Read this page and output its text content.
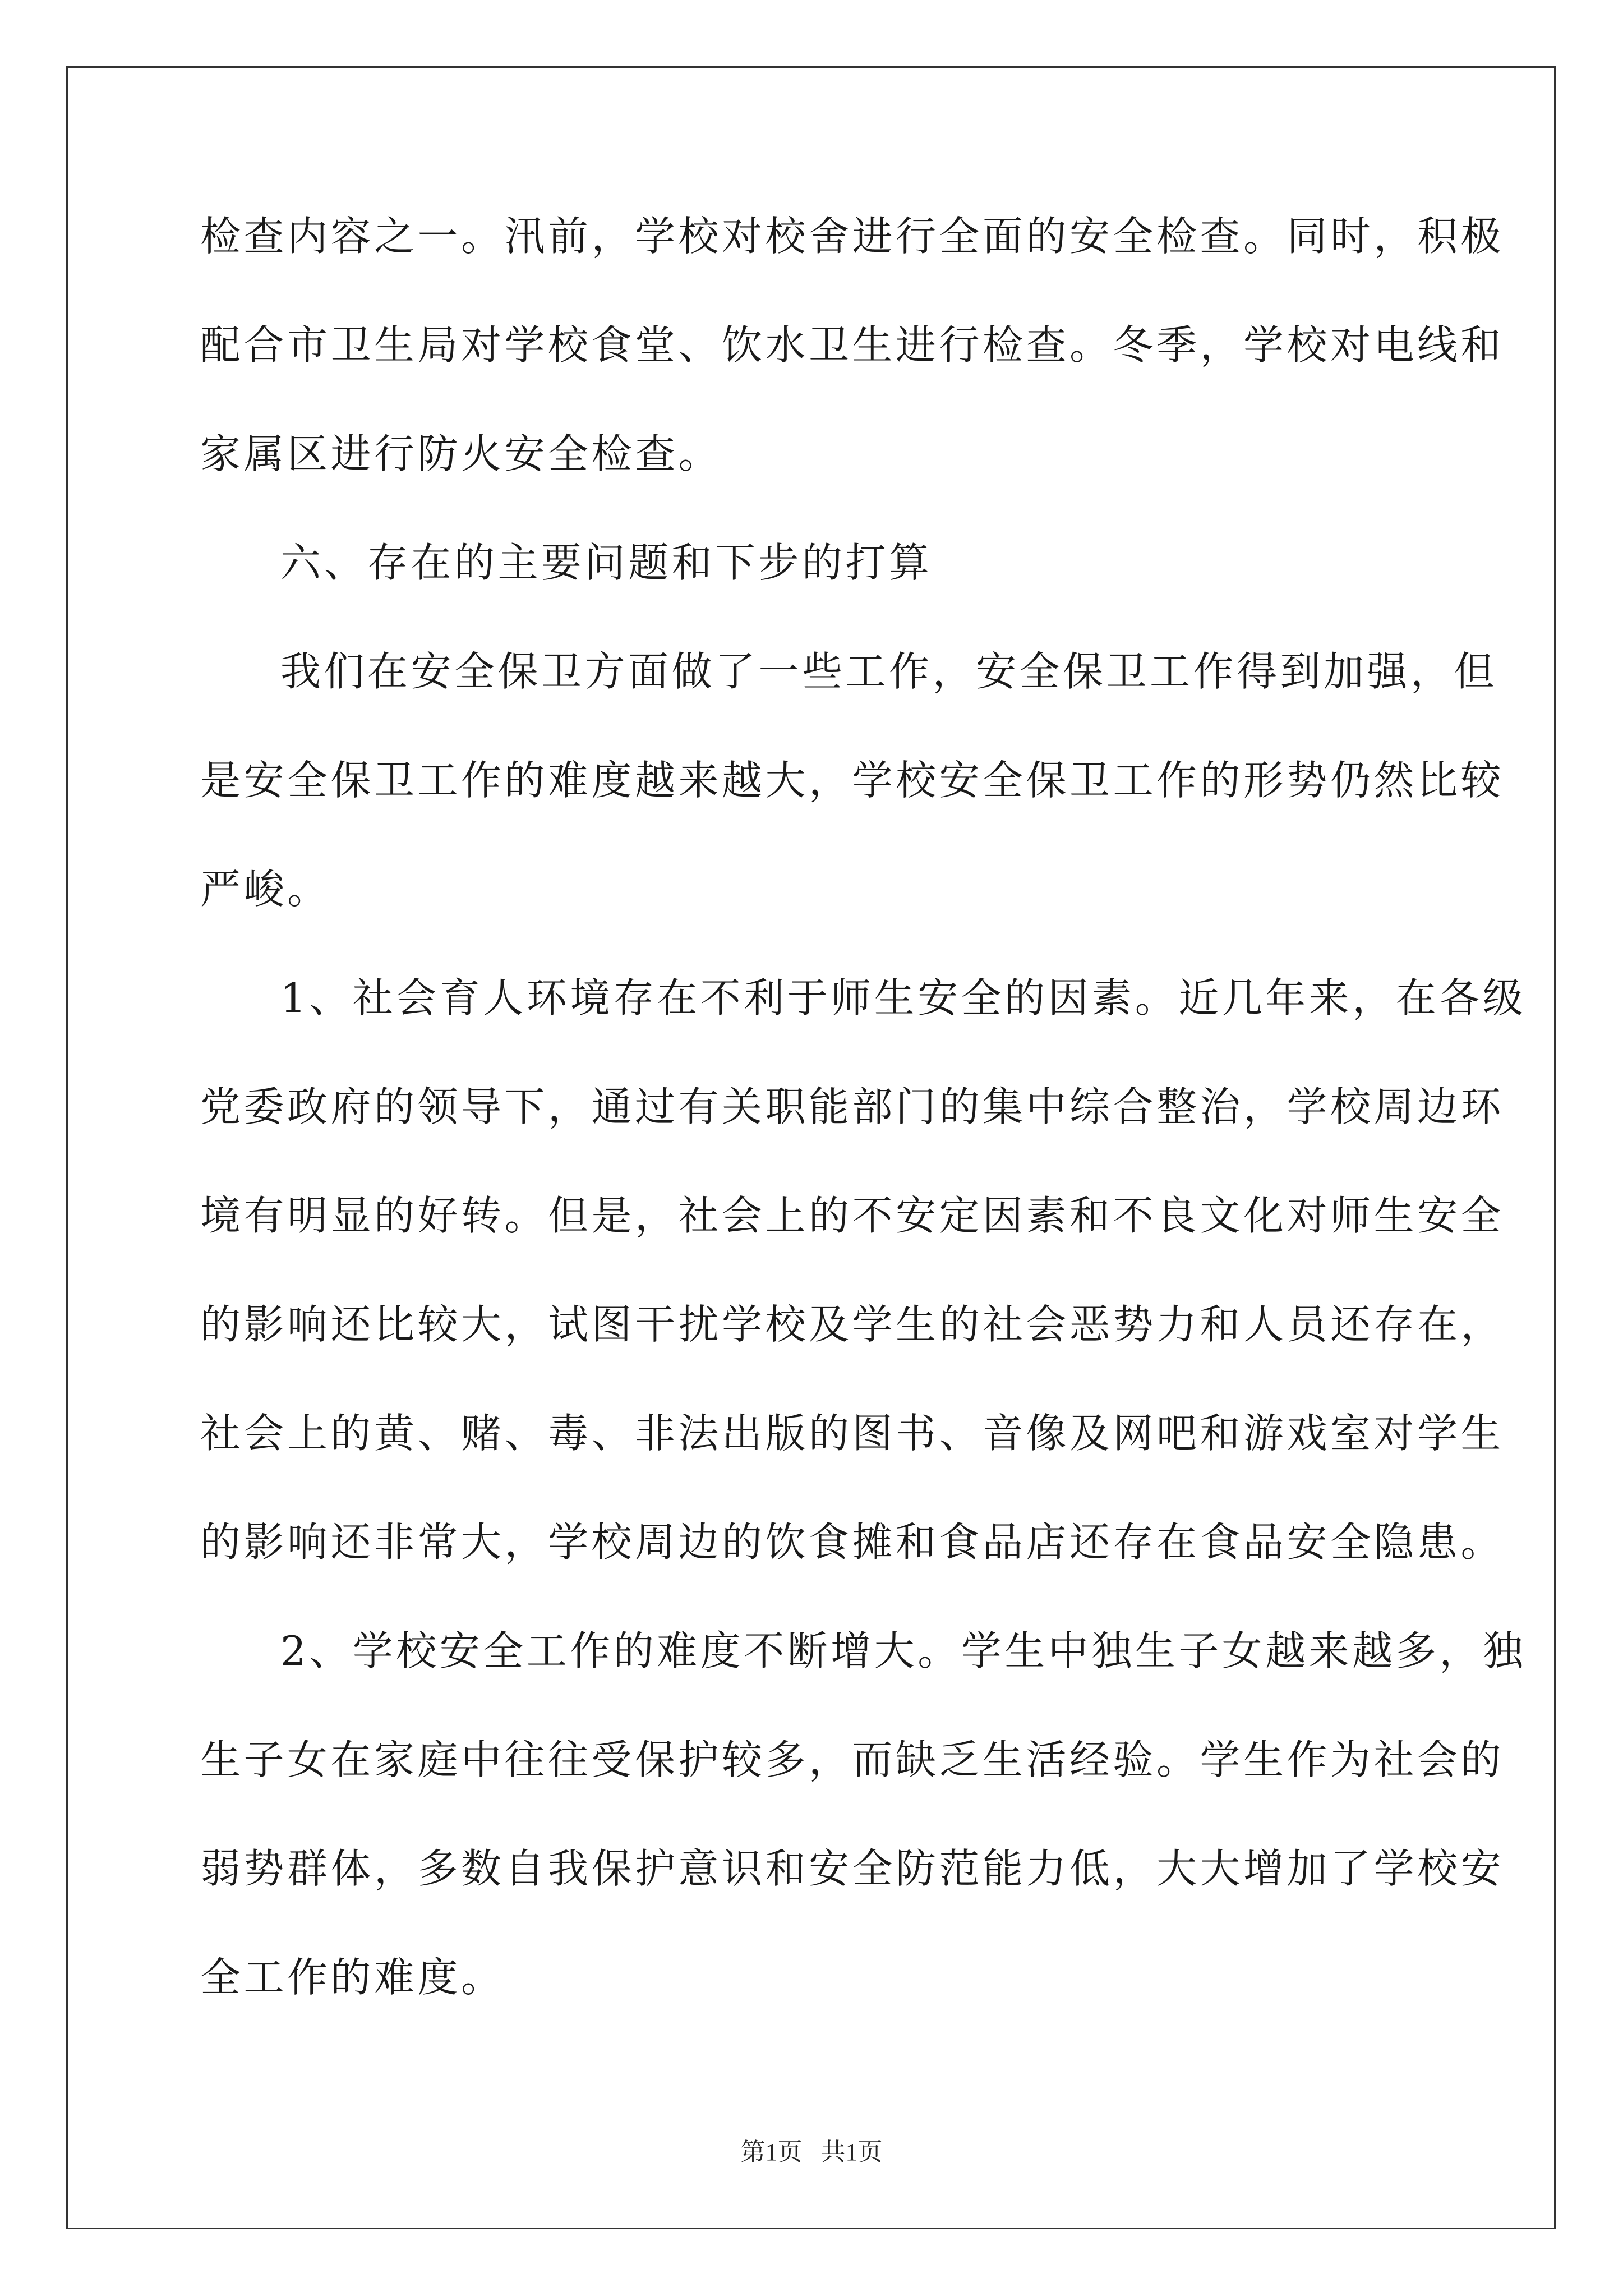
检查内容之一。汛前，学校对校舍进行全面的安全检查。同时，积极
配合市卫生局对学校食堂、饮水卫生进行检查。冬季，学校对电线和
家属区进行防火安全检查。
六、存在的主要问题和下步的打算
我们在安全保卫方面做了一些工作，安全保卫工作得到加强，但
是安全保卫工作的难度越来越大，学校安全保卫工作的形势仍然比较
严峻。
1、社会育人环境存在不利于师生安全的因素。近几年来，在各级
党委政府的领导下，通过有关职能部门的集中综合整治，学校周边环
境有明显的好转。但是，社会上的不安定因素和不良文化对师生安全
的影响还比较大，试图干扰学校及学生的社会恶势力和人员还存在，
社会上的黄、赌、毒、非法出版的图书、音像及网吧和游戏室对学生
的影响还非常大，学校周边的饮食摊和食品店还存在食品安全隐患。
2、学校安全工作的难度不断增大。学生中独生子女越来越多，独
生子女在家庭中往往受保护较多，而缺乏生活经验。学生作为社会的
弱势群体，多数自我保护意识和安全防范能力低，大大增加了学校安
全工作的难度。
第1页   共1页
